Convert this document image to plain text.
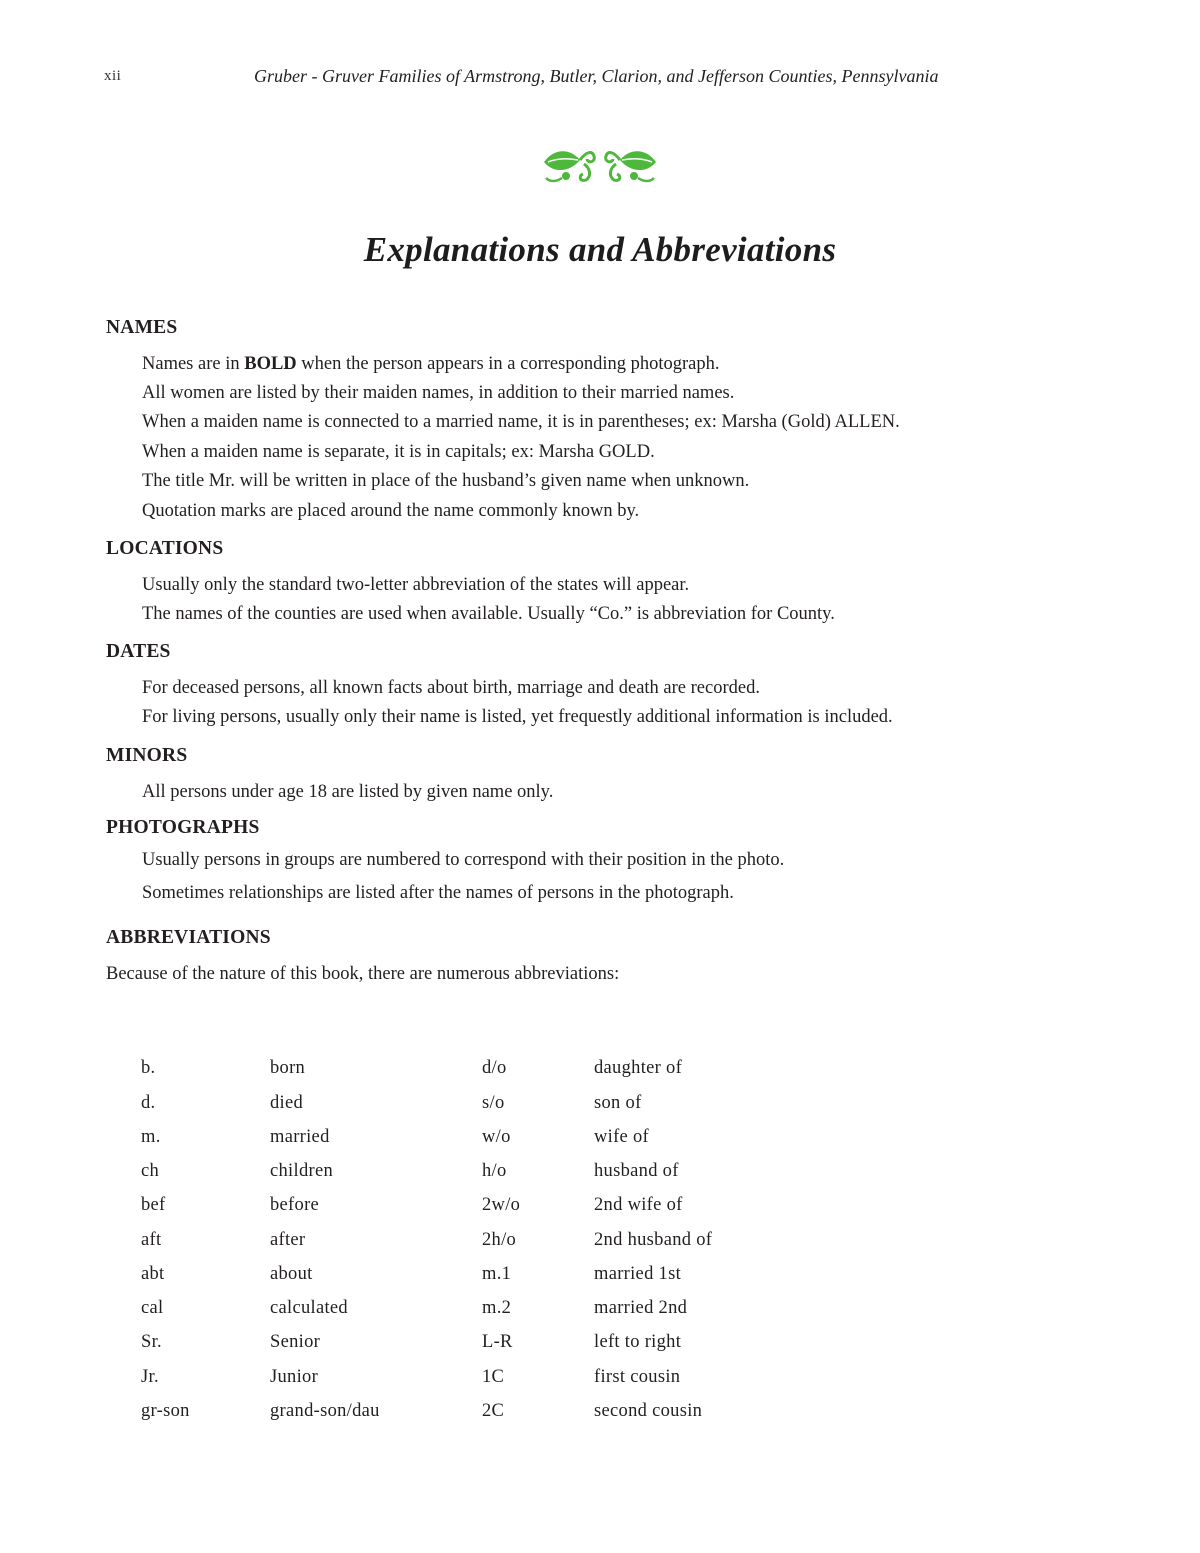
xii	Gruber - Gruver Families of Armstrong, Butler, Clarion, and Jefferson Counties, Pennsylvania
Explanations and Abbreviations
NAMES

Names are in BOLD when the person appears in a corresponding photograph.

All women are listed by their maiden names, in addition to their married names.

When a maiden name is connected to a married name, it is in parentheses; ex: Marsha (Gold) ALLEN.

When a maiden name is separate, it is in capitals; ex: Marsha GOLD.

The title Mr. will be written in place of the husband’s given name when unknown.

Quotation marks are placed around the name commonly known by.

LOCATIONS

Usually only the standard two-letter abbreviation of the states will appear.

The names of the counties are used when available. Usually “Co.” is abbreviation for County.

DATES

For deceased persons, all known facts about birth, marriage and death are recorded.

For living persons, usually only their name is listed, yet frequestly additional information is included.

MINORS

All persons under age 18 are listed by given name only.

PHOTOGRAPHS

Usually persons in groups are numbered to correspond with their position in the photo.

Sometimes relationships are listed after the names of persons in the photograph.

ABBREVIATIONS

Because of the nature of this book, there are numerous abbreviations:

b.	born	d/o	daughter of
d.	died	s/o	son of
m.	married	w/o	wife of
ch	children	h/o	husband of
bef	before	2w/o	2nd wife of
aft	after	2h/o	2nd husband of
abt	about	m.1	married 1st
cal	calculated	m.2	married 2nd
Sr.	Senior	L-R	left to right
Jr.	Junior	1C	first cousin
gr-son	grand-son/dau	2C	second cousin
